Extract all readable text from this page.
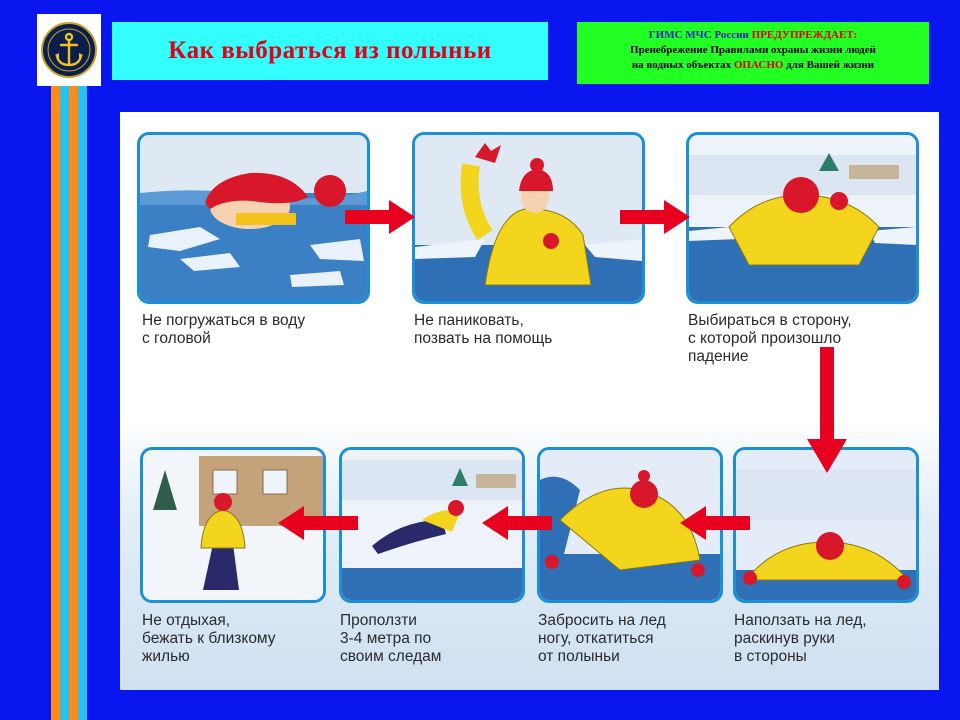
Как выбраться из полыньи
ГИМС МЧС России ПРЕДУПРЕЖДАЕТ:
Пренебрежение Правилами охраны жизни людей
на водных объектах ОПАСНО для Вашей жизни
Не погружаться в воду
с головой
Не паниковать,
позвать на помощь
Выбираться в сторону,
с которой произошло
падение
Наползать на лед,
раскинув руки
в стороны
Забросить на лед
ногу, откатиться
от полыньи
Проползти
3-4 метра по
своим следам
Не отдыхая,
бежать к близкому
жилью
